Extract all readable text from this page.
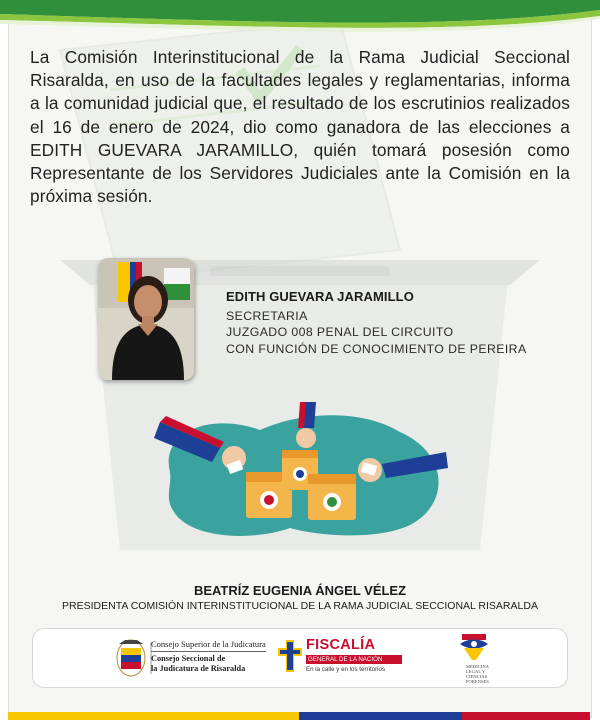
La Comisión Interinstitucional de la Rama Judicial Seccional Risaralda, en uso de la facultades legales y reglamentarias, informa a la comunidad judicial que, el resultado de los escrutinios realizados el 16 de enero de 2024, dio como ganadora de las elecciones a EDITH GUEVARA JARAMILLO, quién tomará posesión como Representante de los Servidores Judiciales ante la Comisión en la próxima sesión.
EDITH GUEVARA JARAMILLO
SECRETARIA
JUZGADO 008 PENAL DEL CIRCUITO
CON FUNCIÓN DE CONOCIMIENTO DE PEREIRA
BEATRÍZ EUGENIA ÁNGEL VÉLEZ
PRESIDENTA COMISIÓN INTERINSTITUCIONAL DE LA RAMA JUDICIAL SECCIONAL RISARALDA
Consejo Superior de la Judicatura
Consejo Seccional de
la Judicatura de Risaralda
FISCALÍA
GENERAL DE LA NACIÓN
En la calle y en los territorios	MEDICINA
LEGAL Y
CIENCIAS
FORENSES
